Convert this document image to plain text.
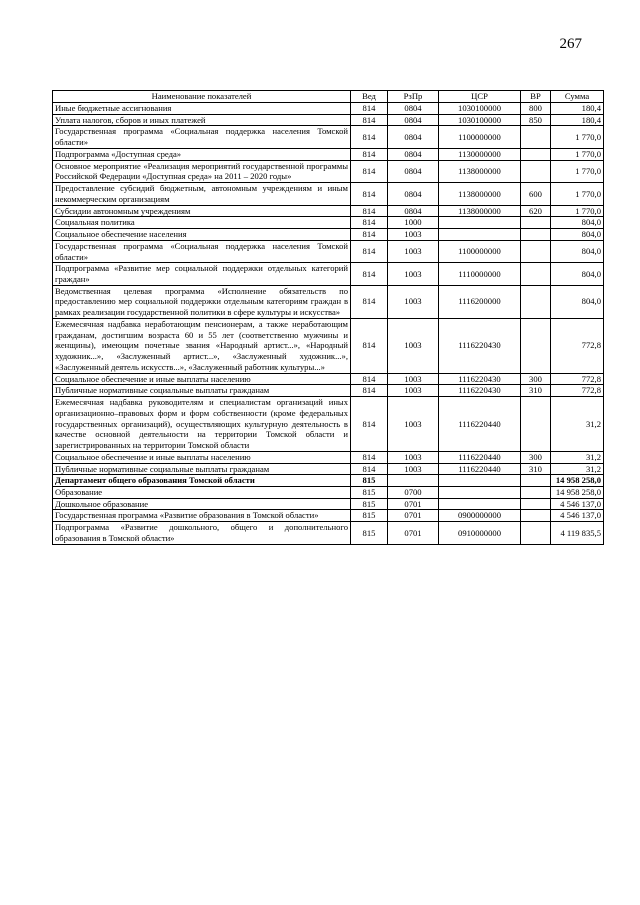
267
Наименование показателей	Вед	РзПр	ЦСР	ВР	Сумма
Иные бюджетные ассигнования	814	0804	1030100000	800	180,4
Уплата налогов, сборов и иных платежей	814	0804	1030100000	850	180,4
Государственная программа «Социальная поддержка населения Томской области»	814	0804	1100000000		1 770,0
Подпрограмма «Доступная среда»	814	0804	1130000000		1 770,0
Основное мероприятие «Реализация мероприятий государственной программы Российской Федерации «Доступная среда» на 2011 – 2020 годы»	814	0804	1138000000		1 770,0
Предоставление субсидий бюджетным, автономным учреждениям и иным некоммерческим организациям	814	0804	1138000000	600	1 770,0
Субсидии автономным учреждениям	814	0804	1138000000	620	1 770,0
Социальная политика	814	1000			804,0
Социальное обеспечение населения	814	1003			804,0
Государственная программа «Социальная поддержка населения Томской области»	814	1003	1100000000		804,0
Подпрограмма «Развитие мер социальной поддержки отдельных категорий граждан»	814	1003	1110000000		804,0
Ведомственная целевая программа «Исполнение обязательств по предоставлению мер социальной поддержки отдельным категориям граждан в рамках реализации государственной политики в сфере культуры и искусства»	814	1003	1116200000		804,0
Ежемесячная надбавка неработающим пенсионерам, а также неработающим гражданам, достигшим возраста 60 и 55 лет (соответственно мужчины и женщины), имеющим почетные звания «Народный артист...», «Народный художник...», «Заслуженный артист...», «Заслуженный художник...», «Заслуженный деятель искусств...», «Заслуженный работник культуры...»	814	1003	1116220430		772,8
Социальное обеспечение и иные выплаты населению	814	1003	1116220430	300	772,8
Публичные нормативные социальные выплаты гражданам	814	1003	1116220430	310	772,8
Ежемесячная надбавка руководителям и специалистам организаций иных организационно–правовых форм и форм собственности (кроме федеральных государственных организаций), осуществляющих культурную деятельность в качестве основной деятельности на территории Томской области и зарегистрированных на территории Томской области	814	1003	1116220440		31,2
Социальное обеспечение и иные выплаты населению	814	1003	1116220440	300	31,2
Публичные нормативные социальные выплаты гражданам	814	1003	1116220440	310	31,2
Департамент общего образования Томской области	815				14 958 258,0
Образование	815	0700			14 958 258,0
Дошкольное образование	815	0701			4 546 137,0
Государственная программа «Развитие образования в Томской области»	815	0701	0900000000		4 546 137,0
Подпрограмма «Развитие дошкольного, общего и дополнительного образования в Томской области»	815	0701	0910000000		4 119 835,5
